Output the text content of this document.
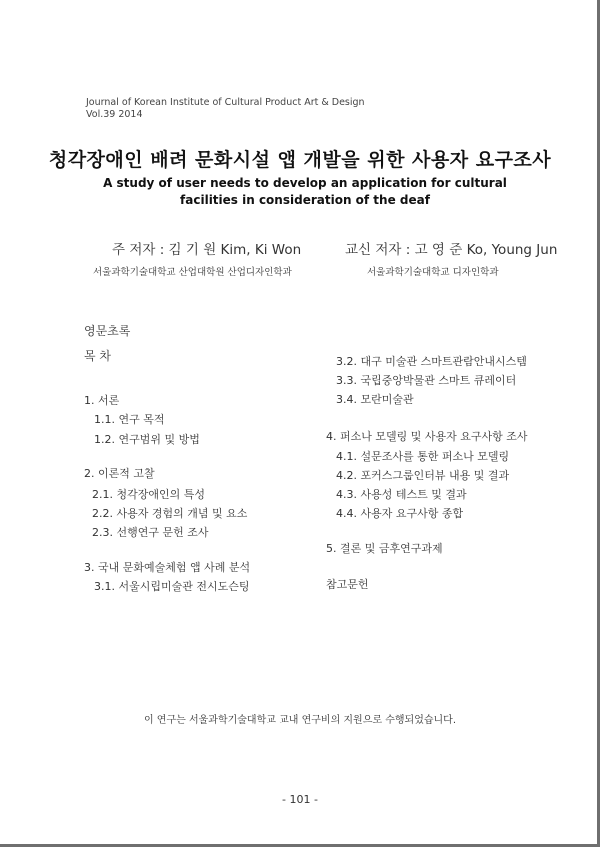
Journal of Korean Institute of Cultural Product Art & Design
Vol.39 2014
청각장애인 배려 문화시설 앱 개발을 위한 사용자 요구조사
A study of user needs to develop an application for cultural facilities in consideration of the deaf
주 저자 : 김 기 원 Kim, Ki Won	교신 저자 : 고 영 준 Ko, Young Jun
서울과학기술대학교 산업대학원 산업디자인학과	서울과학기술대학교 디자인학과
영문초록
목 차
1. 서론
1.1. 연구 목적
1.2. 연구범위 및 방법
2. 이론적 고찰
2.1. 청각장애인의 특성
2.2. 사용자 경험의 개념 및 요소
2.3. 선행연구 문헌 조사
3. 국내 문화예술체험 앱 사례 분석
3.1. 서울시립미술관 전시도슨팅
3.2. 대구 미술관 스마트관람안내시스템
3.3. 국립중앙박물관 스마트 큐레이터
3.4. 모란미술관
4. 퍼소나 모델링 및 사용자 요구사항 조사
4.1. 설문조사를 통한 퍼소나 모델링
4.2. 포커스그룹인터뷰 내용 및 결과
4.3. 사용성 테스트 및 결과
4.4. 사용자 요구사항 종합
5. 결론 및 금후연구과제
참고문헌
이 연구는 서울과학기술대학교 교내 연구비의 지원으로 수행되었습니다.
- 101 -
